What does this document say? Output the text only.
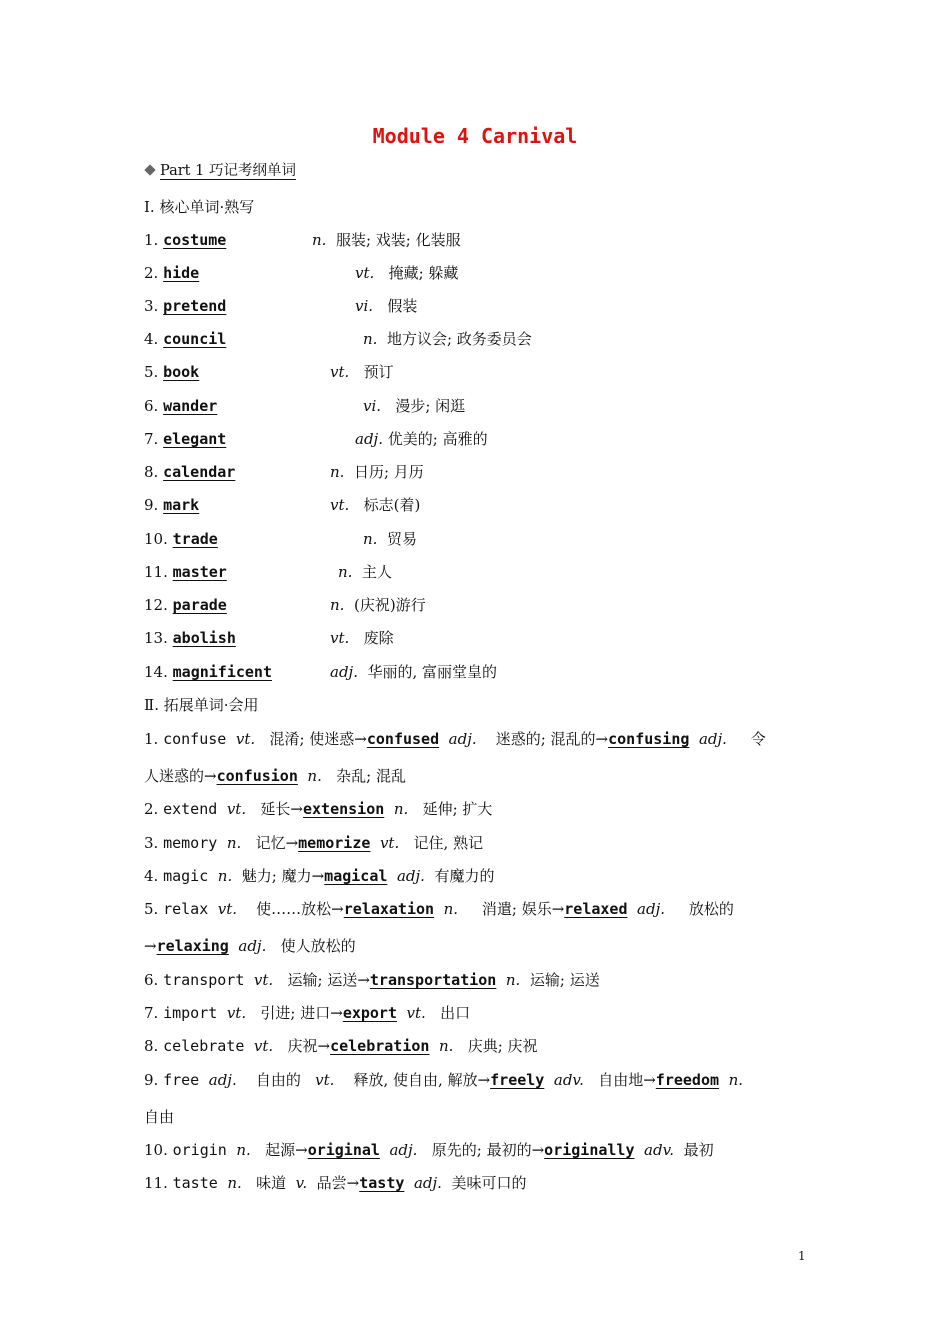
Module 4 Carnival
Part 1 巧记考纲单词
Ⅰ. 核心单词·熟写
1. costume	n. 服装; 戏装; 化装服
2. hide	vt. 掩藏; 躲藏
3. pretend	vi. 假装
4. council	n. 地方议会; 政务委员会
5. book	vt. 预订
6. wander	vi. 漫步; 闲逛
7. elegant	adj. 优美的; 高雅的
8. calendar	n. 日历; 月历
9. mark	vt. 标志(着)
10. trade	n. 贸易
11. master	n. 主人
12. parade	n. (庆祝)游行
13. abolish	vt. 废除
14. magnificent	adj. 华丽的, 富丽堂皇的
Ⅱ. 拓展单词·会用
1. confuse vt. 混淆; 使迷惑→confused adj. 迷惑的; 混乱的→confusing adj. 令
人迷惑的→confusion n. 杂乱; 混乱
2. extend vt. 延长→extension n. 延伸; 扩大
3. memory n. 记忆→memorize vt. 记住, 熟记
4. magic n. 魅力; 魔力→magical adj. 有魔力的
5. relax vt. 使……放松→relaxation n. 消遣; 娱乐→relaxed adj. 放松的
→relaxing adj. 使人放松的
6. transport vt. 运输; 运送→transportation n. 运输; 运送
7. import vt. 引进; 进口→export vt. 出口
8. celebrate vt. 庆祝→celebration n. 庆典; 庆祝
9. free adj. 自由的 vt. 释放, 使自由, 解放→freely adv. 自由地→freedom n.
自由
10. origin n. 起源→original adj. 原先的; 最初的→originally adv. 最初
11. taste n. 味道 v. 品尝→tasty adj. 美味可口的
1
